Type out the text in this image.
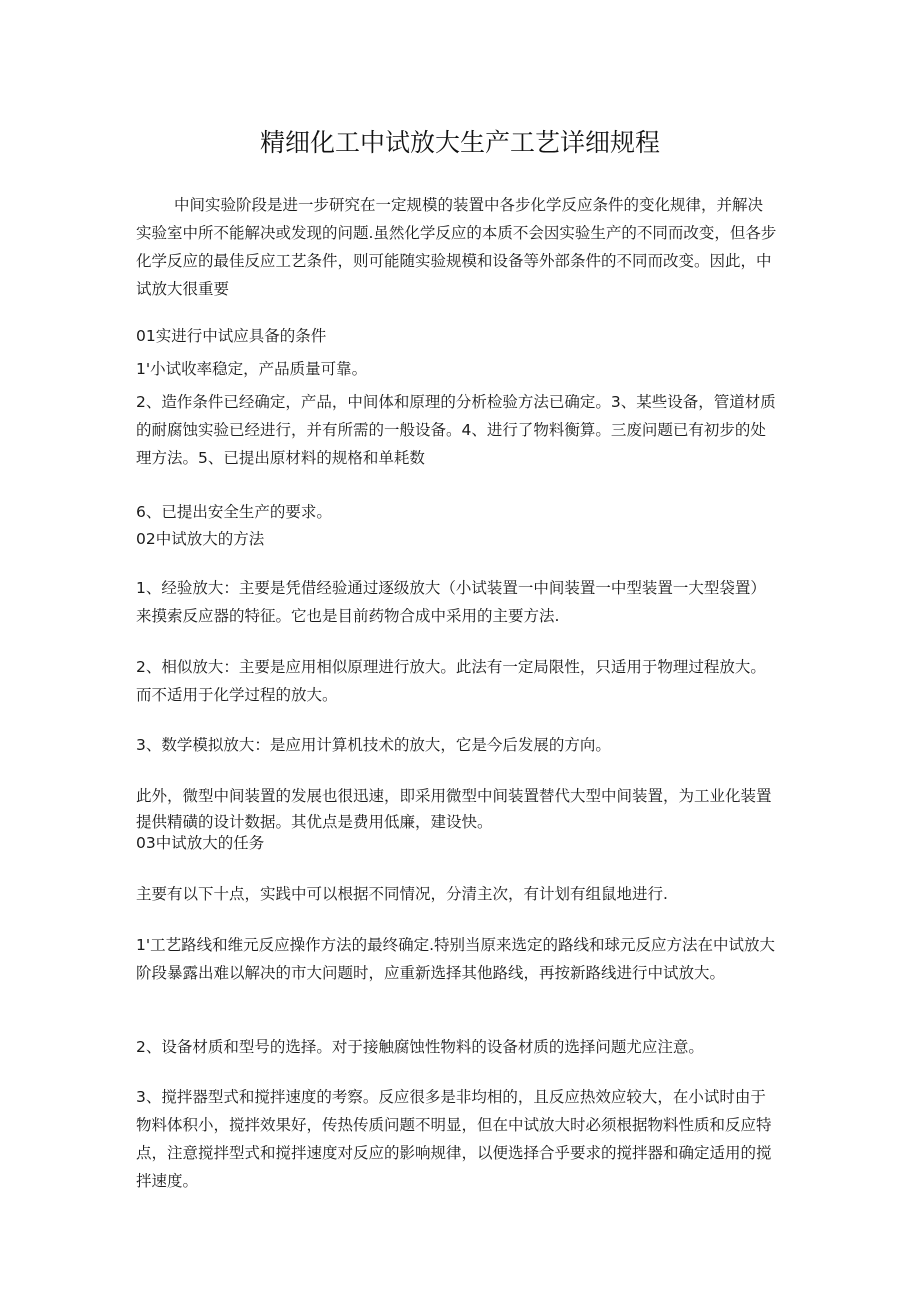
精细化工中试放大生产工艺详细规程

中间实验阶段是进一步研究在一定规模的装置中各步化学反应条件的变化规律，并解决实验室中所不能解决或发现的问题.虽然化学反应的本质不会因实验生产的不同而改变，但各步化学反应的最佳反应工艺条件，则可能随实验规模和设备等外部条件的不同而改变。因此，中试放大很重要

01实进行中试应具备的条件

1'小试收率稳定，产品质量可靠。

2、造作条件已经确定，产品，中间体和原理的分析检验方法已确定。3、某些设备，管道材质的耐腐蚀实验已经进行，并有所需的一般设备。4、进行了物料衡算。三废问题已有初步的处理方法。5、已提出原材料的规格和单耗数

6、已提出安全生产的要求。

02中试放大的方法

1、经验放大：主要是凭借经验通过逐级放大（小试装置一中间装置一中型装置一大型袋置）来摸索反应器的特征。它也是目前药物合成中采用的主要方法.

2、相似放大：主要是应用相似原理进行放大。此法有一定局限性，只适用于物理过程放大。而不适用于化学过程的放大。

3、数学模拟放大：是应用计算机技术的放大，它是今后发展的方向。

此外，微型中间装置的发展也很迅速，即采用微型中间装置替代大型中间装置，为工业化装置提供精磺的设计数据。其优点是费用低廉，建设快。

03中试放大的任务

主要有以下十点，实践中可以根据不同情况，分清主次，有计划有组鼠地进行.

1'工艺路线和维元反应操作方法的最终确定.特别当原来选定的路线和球元反应方法在中试放大阶段暴露出难以解决的市大问题时，应重新选择其他路线，再按新路线进行中试放大。

2、设备材质和型号的选择。对于接触腐蚀性物料的设备材质的选择问题尤应注意。

3、搅拌器型式和搅拌速度的考察。反应很多是非均相的，且反应热效应较大，在小试时由于物料体积小，搅拌效果好，传热传质问题不明显，但在中试放大时必须根据物料性质和反应特点，注意搅拌型式和搅拌速度对反应的影响规律，以便选择合乎要求的搅拌器和确定适用的搅拌速度。
